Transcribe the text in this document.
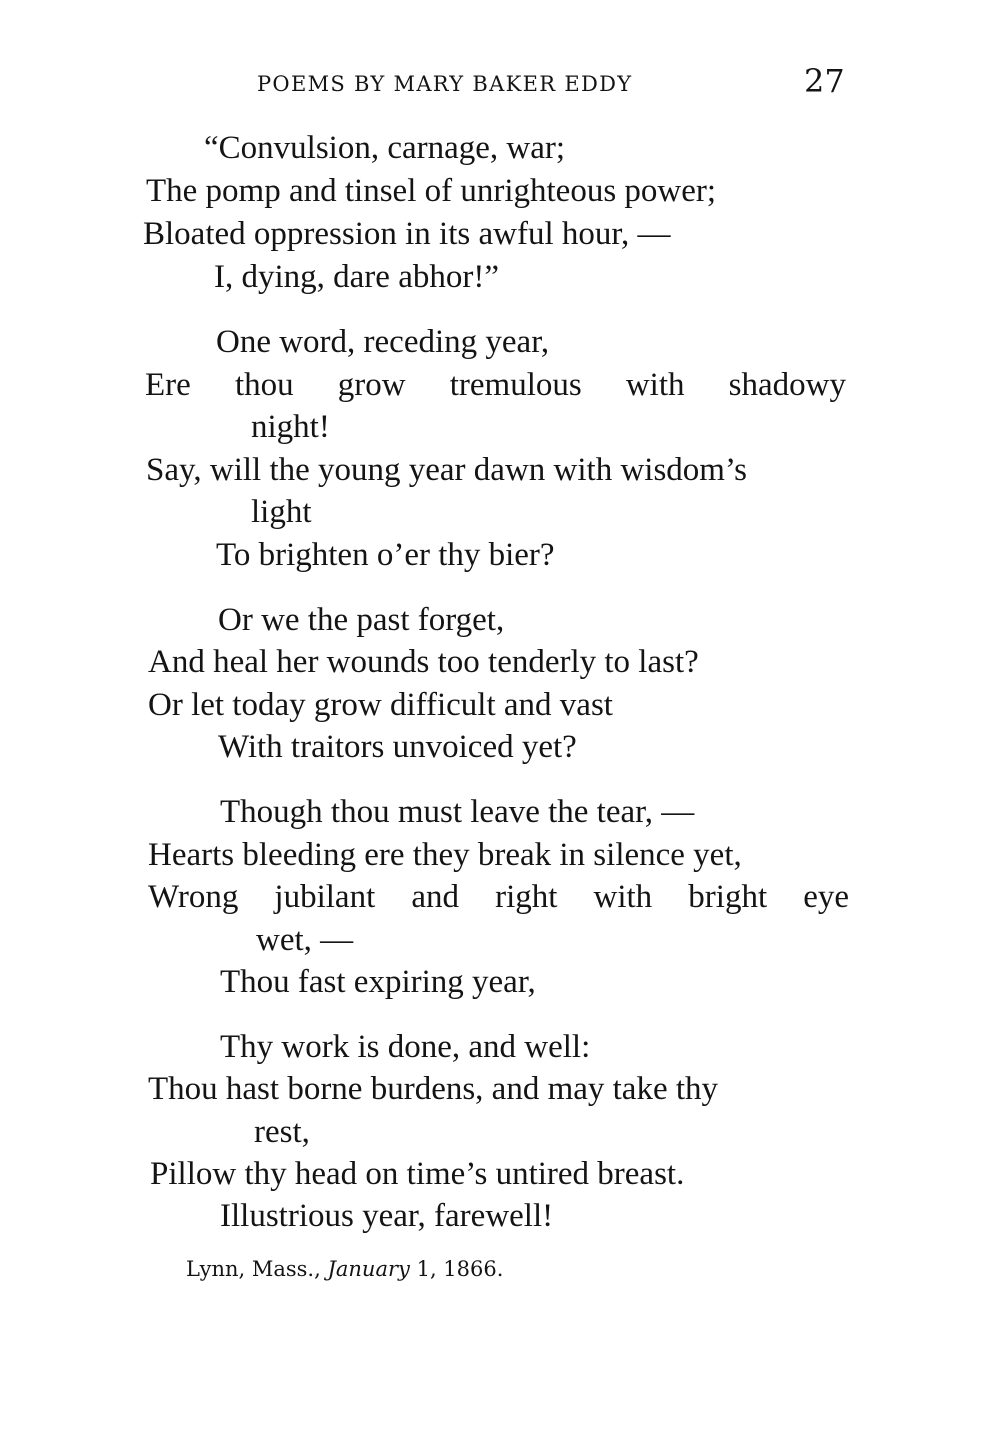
POEMS BY MARY BAKER EDDY	27
“Convulsion, carnage, war;
The pomp and tinsel of unrighteous power;
Bloated oppression in its awful hour, —
I, dying, dare abhor!”
One word, receding year,
Ere thou grow tremulous with shadowy
night!
Say, will the young year dawn with wisdom’s
light
To brighten o’er thy bier?
Or we the past forget,
And heal her wounds too tenderly to last?
Or let today grow difficult and vast
With traitors unvoiced yet?
Though thou must leave the tear, —
Hearts bleeding ere they break in silence yet,
Wrong jubilant and right with bright eye
wet, —
Thou fast expiring year,
Thy work is done, and well:
Thou hast borne burdens, and may take thy
rest,
Pillow thy head on time’s untired breast.
Illustrious year, farewell!
Lynn, Mass., January 1, 1866.
